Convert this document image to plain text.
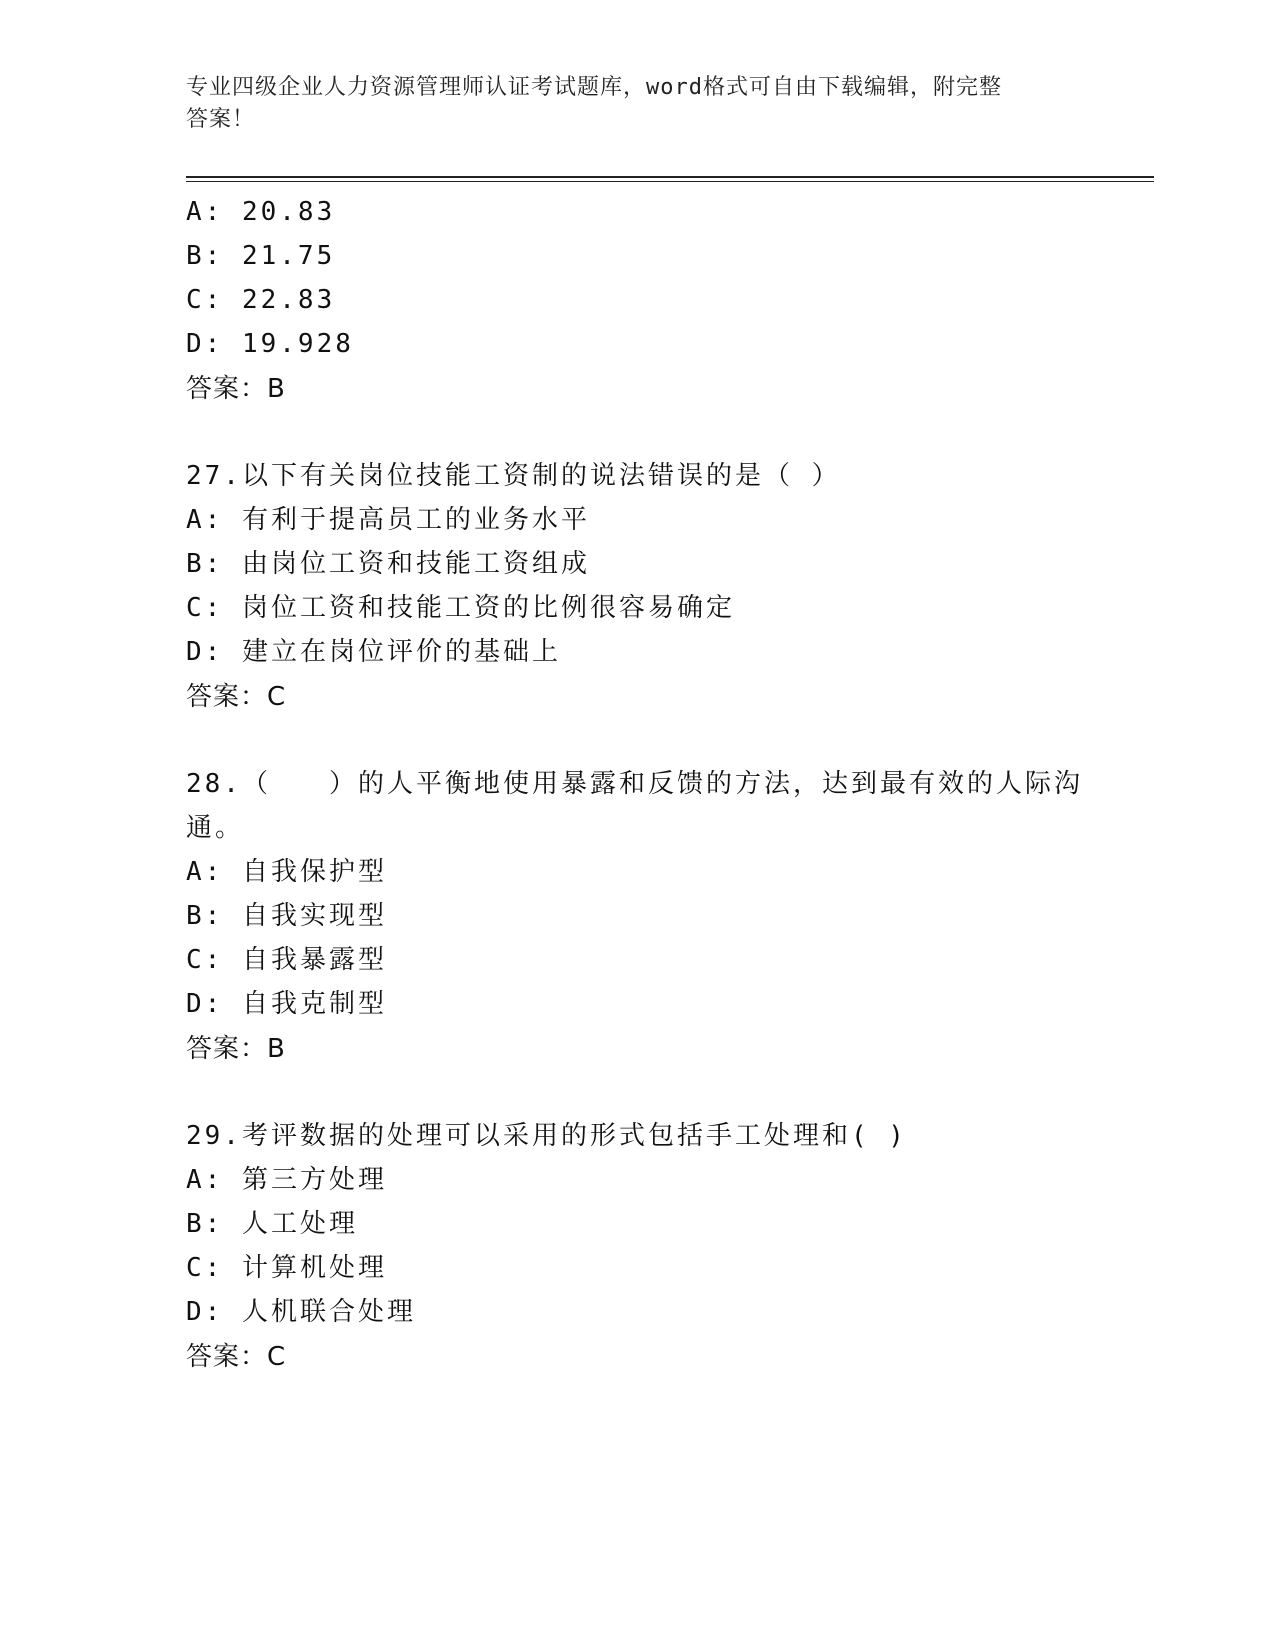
专业四级企业人力资源管理师认证考试题库，word格式可自由下载编辑，附完整
答案！
A: 20.83
B: 21.75
C: 22.83
D: 19.928
答案：B
27.以下有关岗位技能工资制的说法错误的是（ ）
A: 有利于提高员工的业务水平
B: 由岗位工资和技能工资组成
C: 岗位工资和技能工资的比例很容易确定
D: 建立在岗位评价的基础上
答案：C
28.（　　）的人平衡地使用暴露和反馈的方法，达到最有效的人际沟
通。
A: 自我保护型
B: 自我实现型
C: 自我暴露型
D: 自我克制型
答案：B
29.考评数据的处理可以采用的形式包括手工处理和( )
A: 第三方处理
B: 人工处理
C: 计算机处理
D: 人机联合处理
答案：C
